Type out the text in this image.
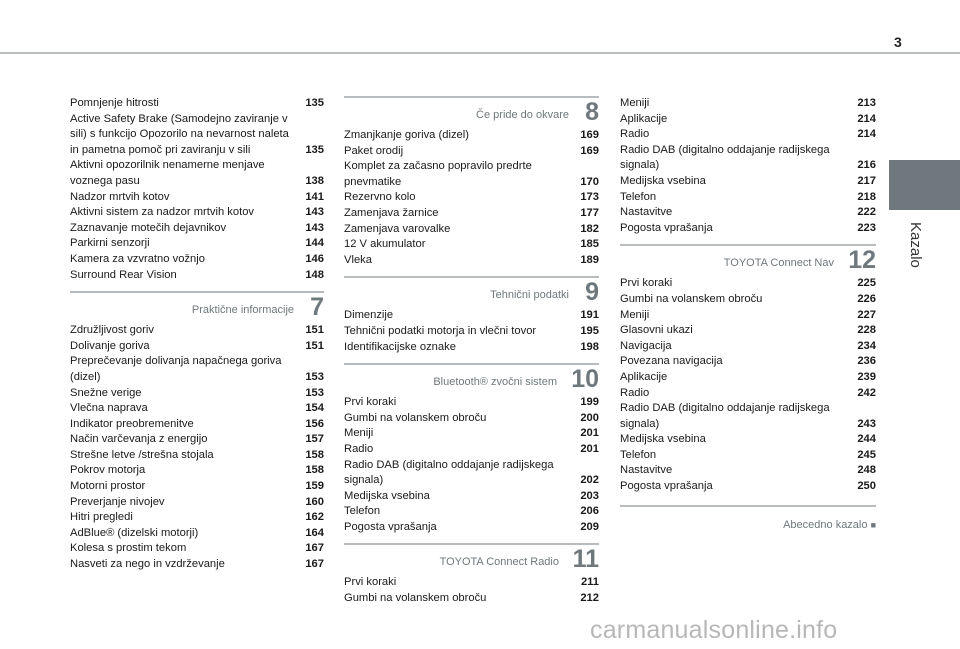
3
Kazalo
Pomnjenje hitrosti	135
Active Safety Brake (Samodejno zaviranje v sili) s funkcijo Opozorilo na nevarnost naleta in pametna pomoč pri zaviranju v sili	135
Aktivni opozorilnik nenamerne menjave voznega pasu	138
Nadzor mrtvih kotov	141
Aktivni sistem za nadzor mrtvih kotov	143
Zaznavanje motečih dejavnikov	143
Parkirni senzorji	144
Kamera za vzvratno vožnjo	146
Surround Rear Vision	148
Praktične informacije 7
Združljivost goriv	151
Dolivanje goriva	151
Preprečevanje dolivanja napačnega goriva (dizel)	153
Snežne verige	153
Vlečna naprava	154
Indikator preobremenitve	156
Način varčevanja z energijo	157
Strešne letve /strešna stojala	158
Pokrov motorja	158
Motorni prostor	159
Preverjanje nivojev	160
Hitri pregledi	162
AdBlue® (dizelski motorji)	164
Kolesa s prostim tekom	167
Nasveti za nego in vzdrževanje	167
Če pride do okvare 8
Zmanjkanje goriva (dizel)	169
Paket orodij	169
Komplet za začasno popravilo predrte pnevmatike	170
Rezervno kolo	173
Zamenjava žarnice	177
Zamenjava varovalke	182
12 V akumulator	185
Vleka	189
Tehnični podatki 9
Dimenzije	191
Tehnični podatki motorja in vlečni tovor	195
Identifikacijske oznake	198
Bluetooth® zvočni sistem 10
Prvi koraki	199
Gumbi na volanskem obroču	200
Meniji	201
Radio	201
Radio DAB (digitalno oddajanje radijskega signala)	202
Medijska vsebina	203
Telefon	206
Pogosta vprašanja	209
TOYOTA Connect Radio 11
Prvi koraki	211
Gumbi na volanskem obroču	212
Meniji	213
Aplikacije	214
Radio	214
Radio DAB (digitalno oddajanje radijskega signala)	216
Medijska vsebina	217
Telefon	218
Nastavitve	222
Pogosta vprašanja	223
TOYOTA Connect Nav 12
Prvi koraki	225
Gumbi na volanskem obroču	226
Meniji	227
Glasovni ukazi	228
Navigacija	234
Povezana navigacija	236
Aplikacije	239
Radio	242
Radio DAB (digitalno oddajanje radijskega signala)	243
Medijska vsebina	244
Telefon	245
Nastavitve	248
Pogosta vprašanja	250
Abecedno kazalo ■
carmanualsonline.info
